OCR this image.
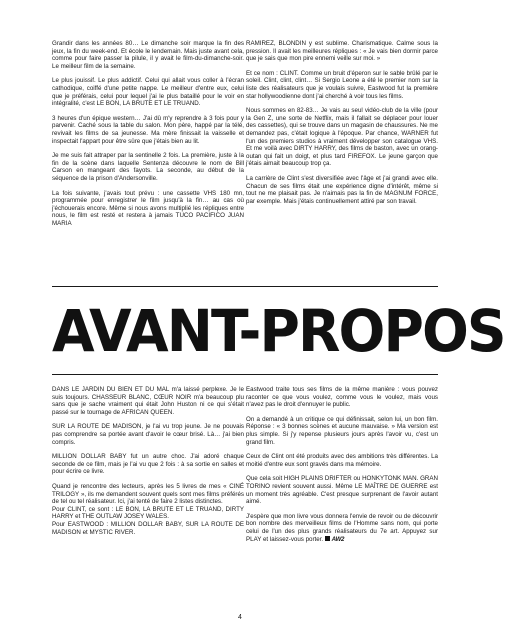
Grandir dans les années 80… Le dimanche soir marque la fin des jeux, la fin du week-end. Et école le lendemain. Mais juste avant cela, comme pour faire passer la pilule, il y avait le film-du-dimanche-soir. Le meilleur film de la semaine.

Le plus jouissif. Le plus addictif. Celui qui allait vous coller à l'écran cathodique, coiffé d'une petite nappe. Le meilleur d'entre eux, celui que je préférais, celui pour lequel j'ai le plus bataillé pour le voir en intégralité, c'est LE BON, LA BRUTE ET LE TRUAND.

3 heures d'un épique western… J'ai dû m'y reprendre à 3 fois pour y parvenir. Caché sous la table du salon. Mon père, happé par la télé, revivait les films de sa jeunesse. Ma mère finissait la vaisselle et inspectait l'appart pour être sûre que j'étais bien au lit.

Je me suis fait attraper par la sentinelle 2 fois. La première, juste à la fin de la scène dans laquelle Sentenza découvre le nom de Bill Carson en mangeant des fayots. La seconde, au début de la séquence de la prison d'Andersonville.

La fois suivante, j'avais tout prévu : une cassette VHS 180 mn, programmée pour enregistrer le film jusqu'à la fin… au cas où j'échouerais encore. Même si nous avons multiplié les répliques entre nous, le film est resté et restera à jamais TUCO PACIFICO JUAN MARIA

RAMIREZ, BLONDIN y est sublime. Charismatique. Calme sous la pression. Il avait les meilleures répliques : « Je vais bien dormir parce que je sais que mon pire ennemi veille sur moi. »

Et ce nom : CLINT. Comme un bruit d'éperon sur le sable brûlé par le soleil. Clint, clint, clint… Si Sergio Leone a été le premier nom sur la liste des réalisateurs que je voulais suivre, Eastwood fut la première star hollywoodienne dont j'ai cherché à voir tous les films.

Nous sommes en 82-83… Je vais au seul vidéo-club de la ville (pour la Gen Z, une sorte de Netflix, mais il fallait se déplacer pour louer des cassettes), qui se trouve dans un magasin de chaussures. Ne me demandez pas, c'était logique à l'époque. Par chance, WARNER fut l'un des premiers studios à vraiment développer son catalogue VHS. Et me voilà avec DIRTY HARRY, des films de baston, avec un orang-outan qui fait un doigt, et plus tard FIREFOX. Le jeune garçon que j'étais aimait beaucoup trop ça.

La carrière de Clint s'est diversifiée avec l'âge et j'ai grandi avec elle. Chacun de ses films était une expérience digne d'intérêt, même si tout ne me plaisait pas. Je n'aimais pas la fin de MAGNUM FORCE, par exemple. Mais j'étais continuellement attiré par son travail.

AVANT-PROPOS

DANS LE JARDIN DU BIEN ET DU MAL m'a laissé perplexe. Je le suis toujours. CHASSEUR BLANC, CŒUR NOIR m'a beaucoup plu sans que je sache vraiment qui était John Huston ni ce qui s'était passé sur le tournage de AFRICAN QUEEN.

SUR LA ROUTE DE MADISON, je l'ai vu trop jeune. Je ne pouvais pas comprendre sa portée avant d'avoir le cœur brisé. Là… j'ai bien compris.

MILLION DOLLAR BABY fut un autre choc. J'ai adoré chaque seconde de ce film, mais je l'ai vu que 2 fois : à sa sortie en salles et pour écrire ce livre.

Quand je rencontre des lecteurs, après les 5 livres de mes « CINÉ TRILOGY », ils me demandent souvent quels sont mes films préférés de tel ou tel réalisateur. Ici, j'ai tenté de faire 2 listes distinctes.

Pour CLINT, ce sont : LE BON, LA BRUTE ET LE TRUAND, DIRTY HARRY et THE OUTLAW JOSEY WALES.

Pour EASTWOOD : MILLION DOLLAR BABY, SUR LA ROUTE DE MADISON et MYSTIC RIVER.

Eastwood traite tous ses films de la même manière : vous pouvez raconter ce que vous voulez, comme vous le voulez, mais vous n'avez pas le droit d'ennuyer le public.

On a demandé à un critique ce qui définissait, selon lui, un bon film. Réponse : « 3 bonnes scènes et aucune mauvaise. » Ma version est plus simple. Si j'y repense plusieurs jours après l'avoir vu, c'est un grand film.

Ceux de Clint ont été produits avec des ambitions très différentes. La moitié d'entre eux sont gravés dans ma mémoire.

Que cela soit HIGH PLAINS DRIFTER ou HONKYTONK MAN. GRAN TORINO revient souvent aussi. Même LE MAÎTRE DE GUERRE est un moment très agréable. C'est presque surprenant de l'avoir autant aimé.

J'espère que mon livre vous donnera l'envie de revoir ou de découvrir bon nombre des merveilleux films de l'Homme sans nom, qui porte celui de l'un des plus grands réalisateurs du 7e art. Appuyez sur PLAY et laissez-vous porter. AW2

4
